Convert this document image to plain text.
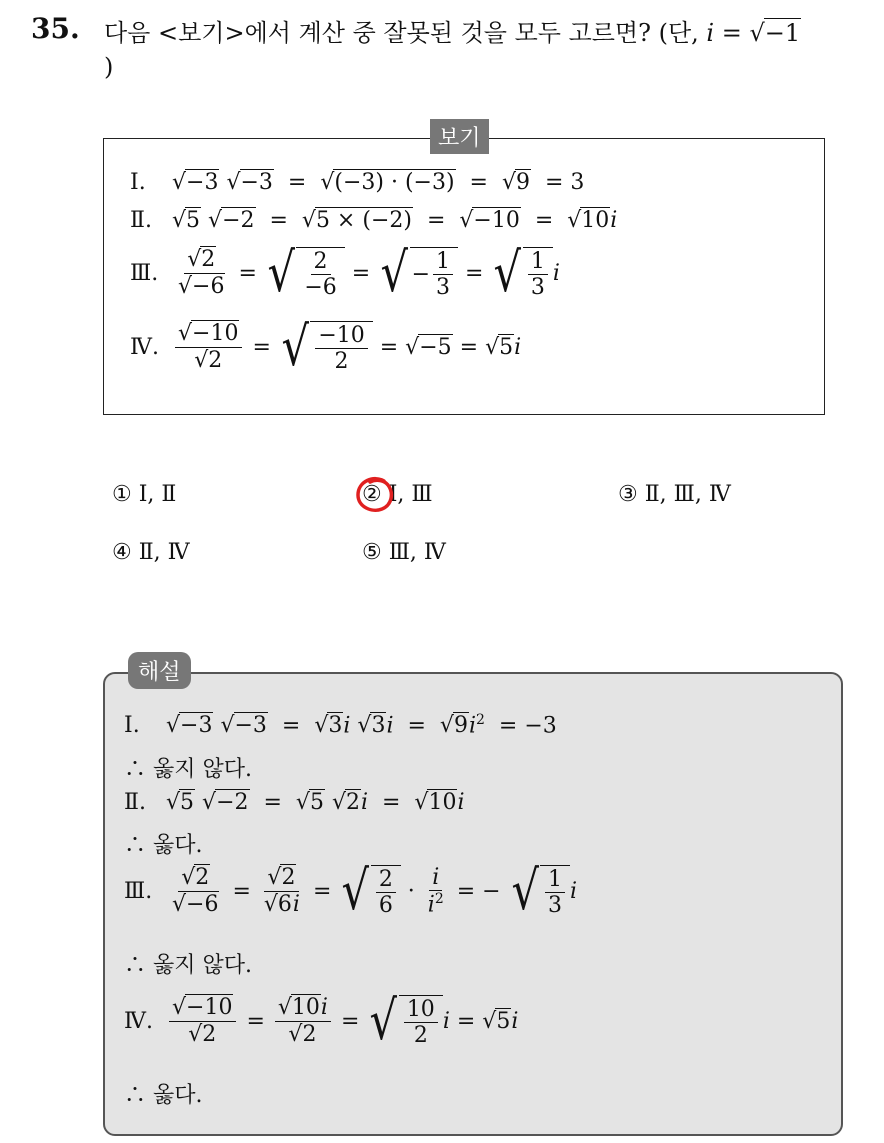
35. 다음 <보기>에서 계산 중 잘못된 것을 모두 고르면? (단, i = √−1
)
보기
Ⅰ.	√−3 √−3  =  √(−3) · (−3)  =  √9  = 3
Ⅱ. √5 √−2  =  √5 × (−2)  =  √−10  =  √10i
Ⅲ. $\frac{√2}{√-6}$ = √ $\frac{2}{-6}$ = √ − $\frac{1}{3}$ = √ $\frac{1}{3}$ i
Ⅳ. $\frac{√-10}{√2}$ = √ $\frac{-10}{2} = √-5 = √5$ i
① Ⅰ, Ⅱ	② Ⅰ, Ⅲ	③ Ⅱ, Ⅲ, Ⅳ
④ Ⅱ, Ⅳ	⑤ Ⅲ, Ⅳ
해설
Ⅰ.	√−3 √−3  =  √3i $√3i = √9i^2 = -3$
∴ 옳지 않다.
Ⅱ. √5 √−2  =  √5 √2i  =  √10i
∴ 옳다.
Ⅲ. $\frac{√2}{√-6} = \frac{√2}{√6i}$ = √ $\frac{2}{6} \cdot \frac{i}{i^2}$ = − √ $\frac{1}{3}$ i
∴ 옳지 않다.
Ⅳ. $\frac{√-10}{√2} = \frac{√10i}{√2}$ = √ $\frac{10}{2}$ i = √5 i
∴ 옳다.
